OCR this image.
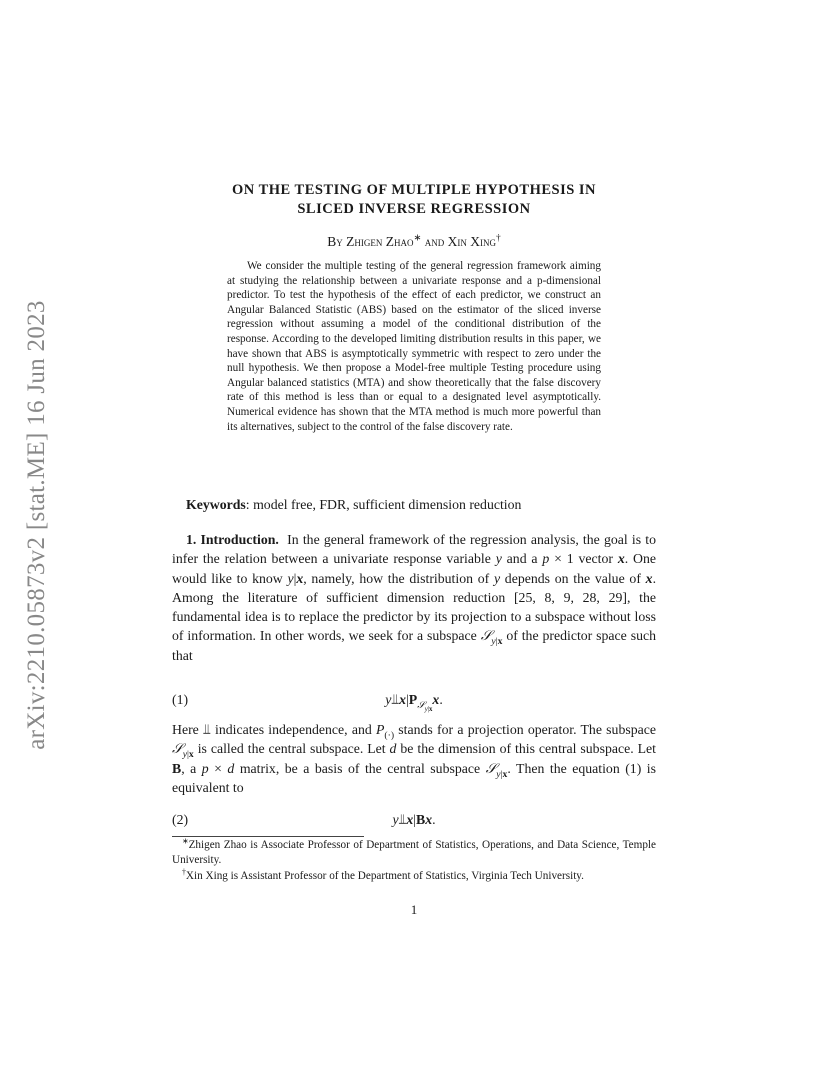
arXiv:2210.05873v2 [stat.ME] 16 Jun 2023
ON THE TESTING OF MULTIPLE HYPOTHESIS IN
SLICED INVERSE REGRESSION
By Zhigen Zhao∗ and Xin Xing†
We consider the multiple testing of the general regression framework aiming at studying the relationship between a univariate response and a p-dimensional predictor. To test the hypothesis of the effect of each predictor, we construct an Angular Balanced Statistic (ABS) based on the estimator of the sliced inverse regression without assuming a model of the conditional distribution of the response. According to the developed limiting distribution results in this paper, we have shown that ABS is asymptotically symmetric with respect to zero under the null hypothesis. We then propose a Model-free multiple Testing procedure using Angular balanced statistics (MTA) and show theoretically that the false discovery rate of this method is less than or equal to a designated level asymptotically. Numerical evidence has shown that the MTA method is much more powerful than its alternatives, subject to the control of the false discovery rate.
Keywords: model free, FDR, sufficient dimension reduction

1. Introduction.  In the general framework of the regression analysis, the goal is to infer the relation between a univariate response variable y and a p × 1 vector x. One would like to know y|x, namely, how the distribution of y depends on the value of x. Among the literature of sufficient dimension reduction [25, 8, 9, 28, 29], the fundamental idea is to replace the predictor by its projection to a subspace without loss of information. In other words, we seek for a subspace 𝒮$_{y|x}$ of the predictor space such that

(1)	$y⫫x|P_{𝒮_{y|x}}x$.

Here ⫫ indicates independence, and $P_{(\cdot)}$ stands for a projection operator. The subspace 𝒮$_{y|x}$ is called the central subspace. Let d be the dimension of this central subspace. Let B, a p × d matrix, be a basis of the central subspace 𝒮$_{y|x}$. Then the equation (1) is equivalent to

(2)	y⫫x|Bx.

∗Zhigen Zhao is Associate Professor of Department of Statistics, Operations, and Data Science, Temple University.

†Xin Xing is Assistant Professor of the Department of Statistics, Virginia Tech University.

1
